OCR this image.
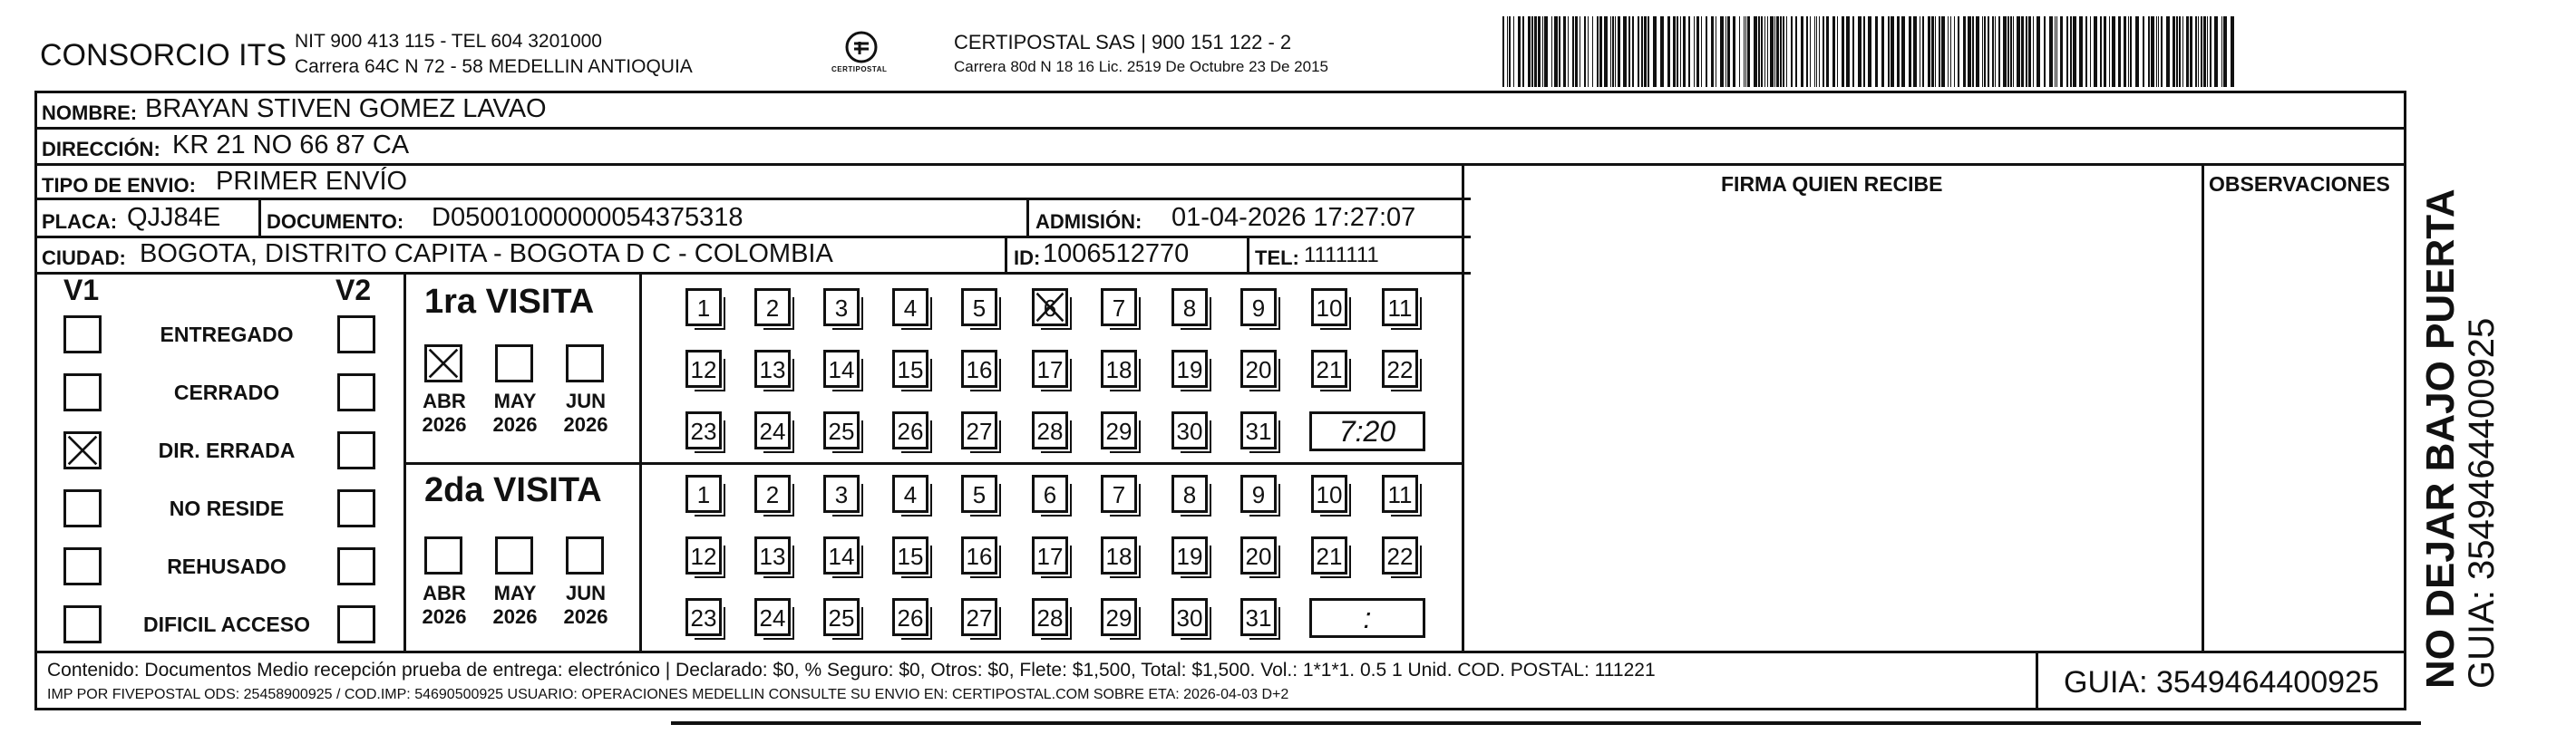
CONSORCIO ITS NIT 900 413 115 - TEL 604 3201000
Carrera 64C N 72 - 58 MEDELLIN ANTIOQUIA	CERTIPOSTAL
CERTIPOSTAL SAS | 900 151 122 - 2
Carrera 80d N 18 16 Lic. 2519 De Octubre 23 De 2015
NOMBRE: BRAYAN STIVEN GOMEZ LAVAO
DIRECCIÓN: KR 21 NO 66 87 CA
TIPO DE ENVIO: PRIMER ENVÍO	FIRMA QUIEN RECIBE	OBSERVACIONES
PLACA: QJJ84E DOCUMENTO: D05001000000054375318	ADMISIÓN: 01-04-2026 17:27:07
CIUDAD: BOGOTA, DISTRITO CAPITA - BOGOTA D C - COLOMBIA	ID: 1006512770	TEL: 1111111
V1	V2
ENTREGADO
CERRADO
DIR. ERRADA
NO RESIDE
REHUSADO
DIFICIL ACCESO
1ra VISITA
ABR
2026
MAY
2026
JUN
2026
1	2	3	4	5	6	7	8	9	10 11
12 13 14 15 16 17 18 19 20 21 22
23 24 25 26 27 28 29 30 31	7:20
2da VISITA
ABR
2026
MAY
2026
JUN
2026
1	2	3	4	5	6	7	8	9	10 11
12 13 14 15 16 17 18 19 20 21 22
23 24 25 26 27 28 29 30 31	:	NO DEJAR BAJO PUERTA GUIA: 3549464400925
Contenido: Documentos Medio recepción prueba de entrega: electrónico | Declarado: $0, % Seguro: $0, Otros: $0, Flete: $1,500, Total: $1,500. Vol.: 1*1*1. 0.5 1 Unid. COD. POSTAL: 111221
IMP POR FIVEPOSTAL ODS: 25458900925 / COD.IMP: 54690500925 USUARIO: OPERACIONES MEDELLIN CONSULTE SU ENVIO EN: CERTIPOSTAL.COM SOBRE ETA: 2026-04-03 D+2	GUIA: 3549464400925
